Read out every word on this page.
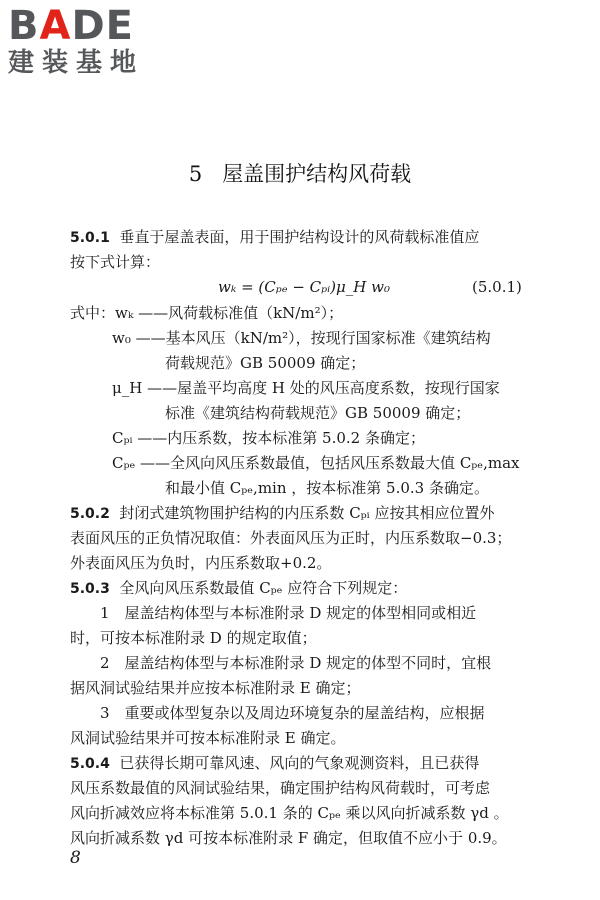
BADE
建装基地
5 屋盖围护结构风荷载
5.0.1 垂直于屋盖表面，用于围护结构设计的风荷载标准值应
按下式计算：
wₖ = (Cₚₑ − Cₚᵢ)μ_H w₀	(5.0.1)
式中：wₖ ——风荷载标准值（kN/m²）；
w₀ ——基本风压（kN/m²），按现行国家标准《建筑结构
荷载规范》GB 50009 确定；
μ_H ——屋盖平均高度 H 处的风压高度系数，按现行国家
标准《建筑结构荷载规范》GB 50009 确定；
Cₚᵢ ——内压系数，按本标准第 5.0.2 条确定；
Cₚₑ ——全风向风压系数最值，包括风压系数最大值 Cₚₑ,max
和最小值 Cₚₑ,min ，按本标准第 5.0.3 条确定。
5.0.2 封闭式建筑物围护结构的内压系数 Cₚᵢ 应按其相应位置外
表面风压的正负情况取值：外表面风压为正时，内压系数取−0.3；
外表面风压为负时，内压系数取+0.2。
5.0.3 全风向风压系数最值 Cₚₑ 应符合下列规定：
1　屋盖结构体型与本标准附录 D 规定的体型相同或相近
时，可按本标准附录 D 的规定取值；
2　屋盖结构体型与本标准附录 D 规定的体型不同时，宜根
据风洞试验结果并应按本标准附录 E 确定；
3　重要或体型复杂以及周边环境复杂的屋盖结构，应根据
风洞试验结果并可按本标准附录 E 确定。
5.0.4 已获得长期可靠风速、风向的气象观测资料，且已获得
风压系数最值的风洞试验结果，确定围护结构风荷载时，可考虑
风向折减效应将本标准第 5.0.1 条的 Cₚₑ 乘以风向折减系数 γd 。
风向折减系数 γd 可按本标准附录 F 确定，但取值不应小于 0.9。
8
